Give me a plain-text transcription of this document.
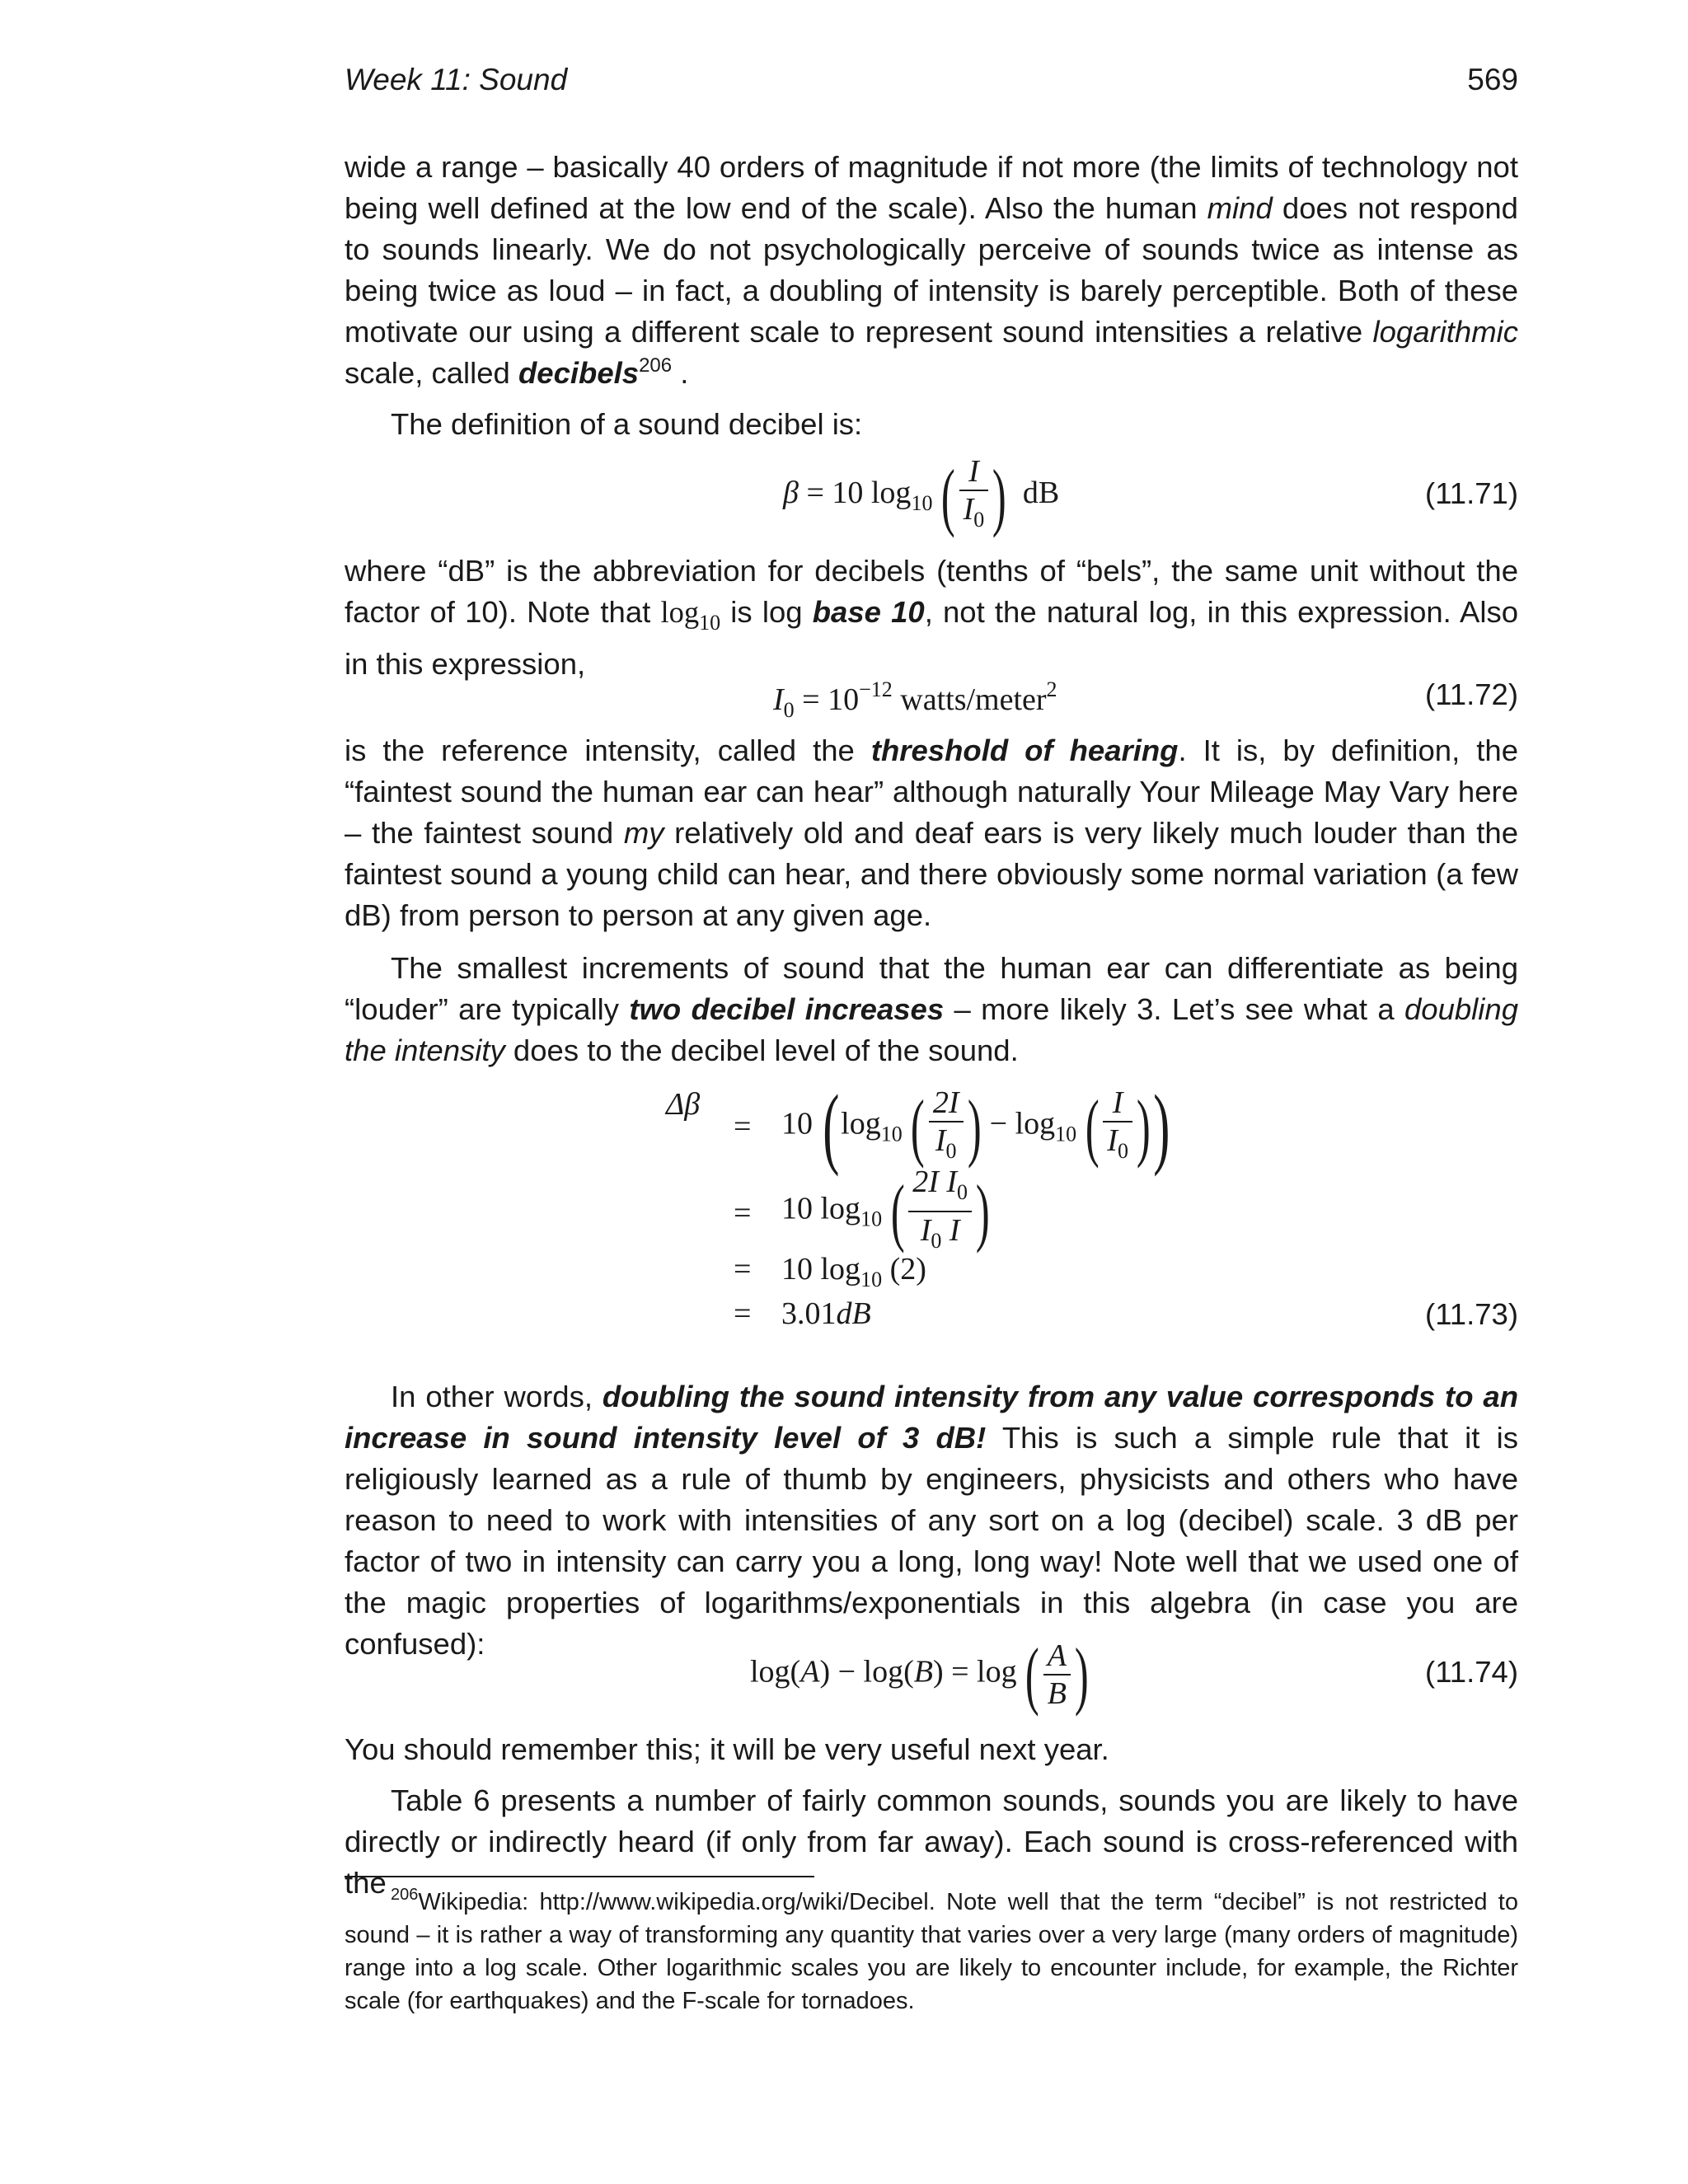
Week 11: Sound	569
wide a range – basically 40 orders of magnitude if not more (the limits of technology not being well defined at the low end of the scale). Also the human mind does not respond to sounds linearly. We do not psychologically perceive of sounds twice as intense as being twice as loud – in fact, a doubling of intensity is barely perceptible. Both of these motivate our using a different scale to represent sound intensities a relative logarithmic scale, called decibels$^{206}$ .
The definition of a sound decibel is:
β = 10 $\log_{10}$ ( $\frac{I}{I_0}$ ) dB	(11.71)
where “dB” is the abbreviation for decibels (tenths of “bels”, the same unit without the factor of 10). Note that $\log_{10}$ is log base 10, not the natural log, in this expression. Also in this expression,
$I_0 = 10^{-12}$ watts/meter$^2$	(11.72)
is the reference intensity, called the threshold of hearing. It is, by definition, the “faintest sound the human ear can hear” although naturally Your Mileage May Vary here – the faintest sound my relatively old and deaf ears is very likely much louder than the faintest sound a young child can hear, and there obviously some normal variation (a few dB) from person to person at any given age.
The smallest increments of sound that the human ear can differentiate as being “louder” are typically two decibel increases – more likely 3. Let’s see what a doubling the intensity does to the decibel level of the sound.
Δβ
= 10 ($\log_{10}$ ( $\frac{2I}{I_0}$ ) − $\log_{10}$ ( $\frac{I}{I_0}$ ))
= 10 $\log_{10}$ ( $\frac{2I I_0}{I_0 I}$ )
= 10 $\log_{10} (2)$
= 3.01dB	(11.73)
In other words, doubling the sound intensity from any value corresponds to an increase in sound intensity level of 3 dB! This is such a simple rule that it is religiously learned as a rule of thumb by engineers, physicists and others who have reason to need to work with intensities of any sort on a log (decibel) scale. 3 dB per factor of two in intensity can carry you a long, long way! Note well that we used one of the magic properties of logarithms/exponentials in this algebra (in case you are confused):
log(A) − log(B) = log ( $\frac{A}{B}$ )	(11.74)
You should remember this; it will be very useful next year.
Table 6 presents a number of fairly common sounds, sounds you are likely to have directly or indirectly heard (if only from far away). Each sound is cross-referenced with the $^{206}$Wikipedia: http://www.wikipedia.org/wiki/Decibel. Note well that the term “decibel” is not restricted to sound – it is rather a way of transforming any quantity that varies over a very large (many orders of magnitude) range into a log scale. Other logarithmic scales you are likely to encounter include, for example, the Richter scale (for earthquakes) and the F-scale for tornadoes.
